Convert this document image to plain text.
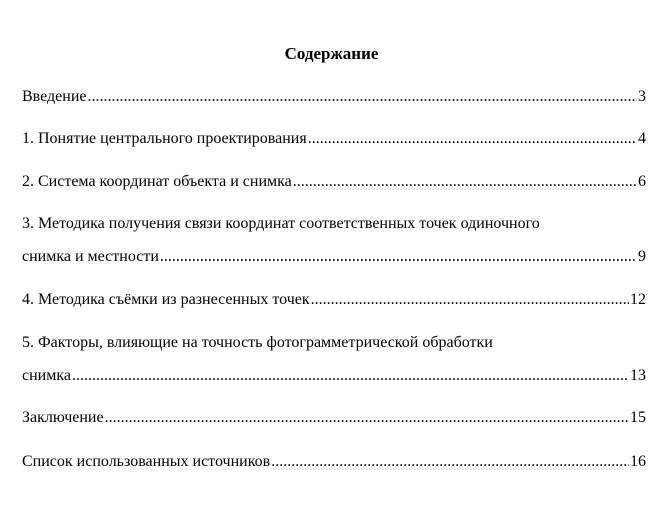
Содержание
Введение .....	3
1. Понятие центрального проектирования .....	4
2. Система координат объекта и снимка .....	6
3. Методика получения связи координат соответственных точек одиночного
снимка и местности .....	9
4. Методика съёмки из разнесенных точек .....	12
5. Факторы, влияющие на точность фотограмметрической обработки
снимка .....	13
Заключение .....	15
Список использованных источников .....	16
